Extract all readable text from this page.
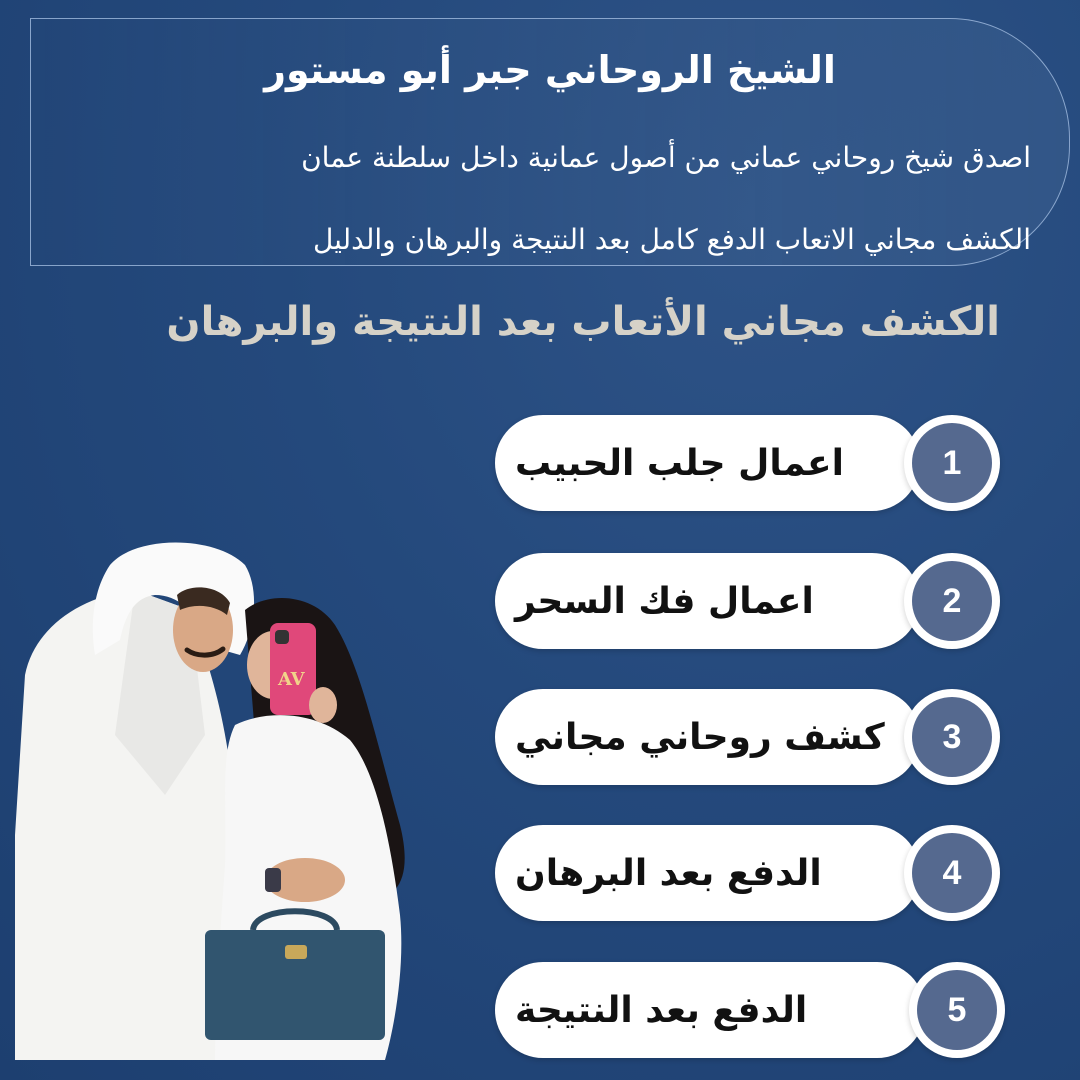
الشيخ الروحاني جبر أبو مستور

اصدق شيخ روحاني عماني من أصول عمانية داخل سلطنة عمان

الكشف مجاني الاتعاب الدفع كامل بعد النتيجة والبرهان والدليل

الكشف مجاني الأتعاب بعد النتيجة والبرهان
AV
اعمال جلب الحبيب	1
اعمال فك السحر	2
كشف روحاني مجاني	3
الدفع بعد البرهان	4
الدفع بعد النتيجة	5
